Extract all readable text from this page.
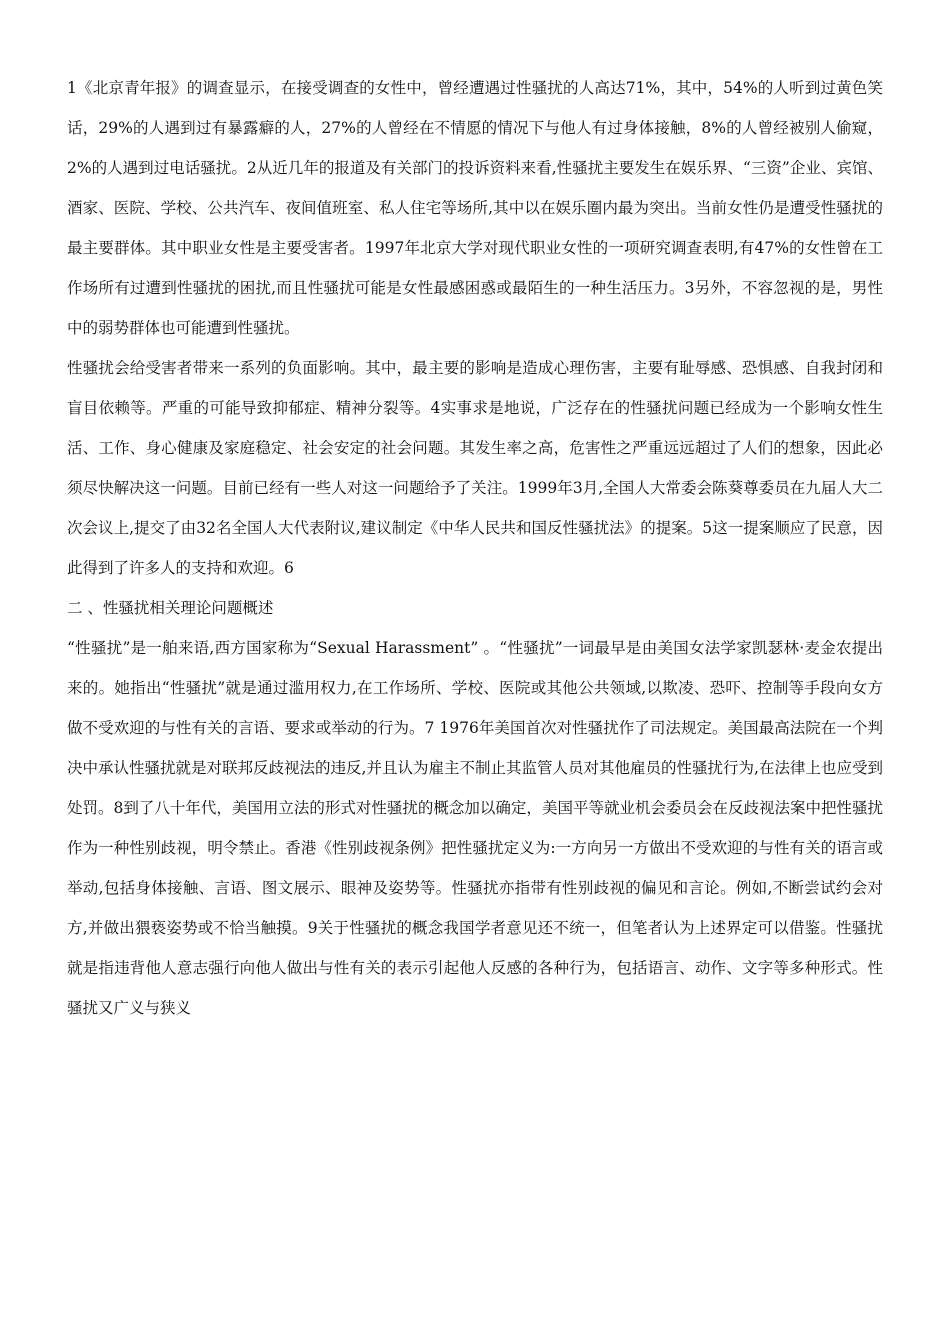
1《北京青年报》的调查显示，在接受调查的女性中，曾经遭遇过性骚扰的人高达71%，其中，54%的人听到过黄色笑话，29%的人遇到过有暴露癖的人，27%的人曾经在不情愿的情况下与他人有过身体接触，8%的人曾经被别人偷窥，2%的人遇到过电话骚扰。2从近几年的报道及有关部门的投诉资料来看,性骚扰主要发生在娱乐界、“三资”企业、宾馆、酒家、医院、学校、公共汽车、夜间值班室、私人住宅等场所,其中以在娱乐圈内最为突出。当前女性仍是遭受性骚扰的最主要群体。其中职业女性是主要受害者。1997年北京大学对现代职业女性的一项研究调查表明,有47%的女性曾在工作场所有过遭到性骚扰的困扰,而且性骚扰可能是女性最感困惑或最陌生的一种生活压力。3另外，不容忽视的是，男性中的弱势群体也可能遭到性骚扰。

性骚扰会给受害者带来一系列的负面影响。其中，最主要的影响是造成心理伤害，主要有耻辱感、恐惧感、自我封闭和盲目依赖等。严重的可能导致抑郁症、精神分裂等。4实事求是地说，广泛存在的性骚扰问题已经成为一个影响女性生活、工作、身心健康及家庭稳定、社会安定的社会问题。其发生率之高，危害性之严重远远超过了人们的想象，因此必须尽快解决这一问题。目前已经有一些人对这一问题给予了关注。1999年3月,全国人大常委会陈葵尊委员在九届人大二次会议上,提交了由32名全国人大代表附议,建议制定《中华人民共和国反性骚扰法》的提案。5这一提案顺应了民意，因此得到了许多人的支持和欢迎。6

二 、性骚扰相关理论问题概述

“性骚扰”是一舶来语,西方国家称为“Sexual Harassment” 。“性骚扰”一词最早是由美国女法学家凯瑟林·麦金农提出来的。她指出“性骚扰”就是通过滥用权力,在工作场所、学校、医院或其他公共领域,以欺凌、恐吓、控制等手段向女方做不受欢迎的与性有关的言语、要求或举动的行为。7 1976年美国首次对性骚扰作了司法规定。美国最高法院在一个判决中承认性骚扰就是对联邦反歧视法的违反,并且认为雇主不制止其监管人员对其他雇员的性骚扰行为,在法律上也应受到处罚。8到了八十年代，美国用立法的形式对性骚扰的概念加以确定，美国平等就业机会委员会在反歧视法案中把性骚扰作为一种性别歧视，明令禁止。香港《性别歧视条例》把性骚扰定义为:一方向另一方做出不受欢迎的与性有关的语言或举动,包括身体接触、言语、图文展示、眼神及姿势等。性骚扰亦指带有性别歧视的偏见和言论。例如,不断尝试约会对方,并做出猥亵姿势或不恰当触摸。9关于性骚扰的概念我国学者意见还不统一，但笔者认为上述界定可以借鉴。性骚扰就是指违背他人意志强行向他人做出与性有关的表示引起他人反感的各种行为，包括语言、动作、文字等多种形式。性骚扰又广义与狭义
